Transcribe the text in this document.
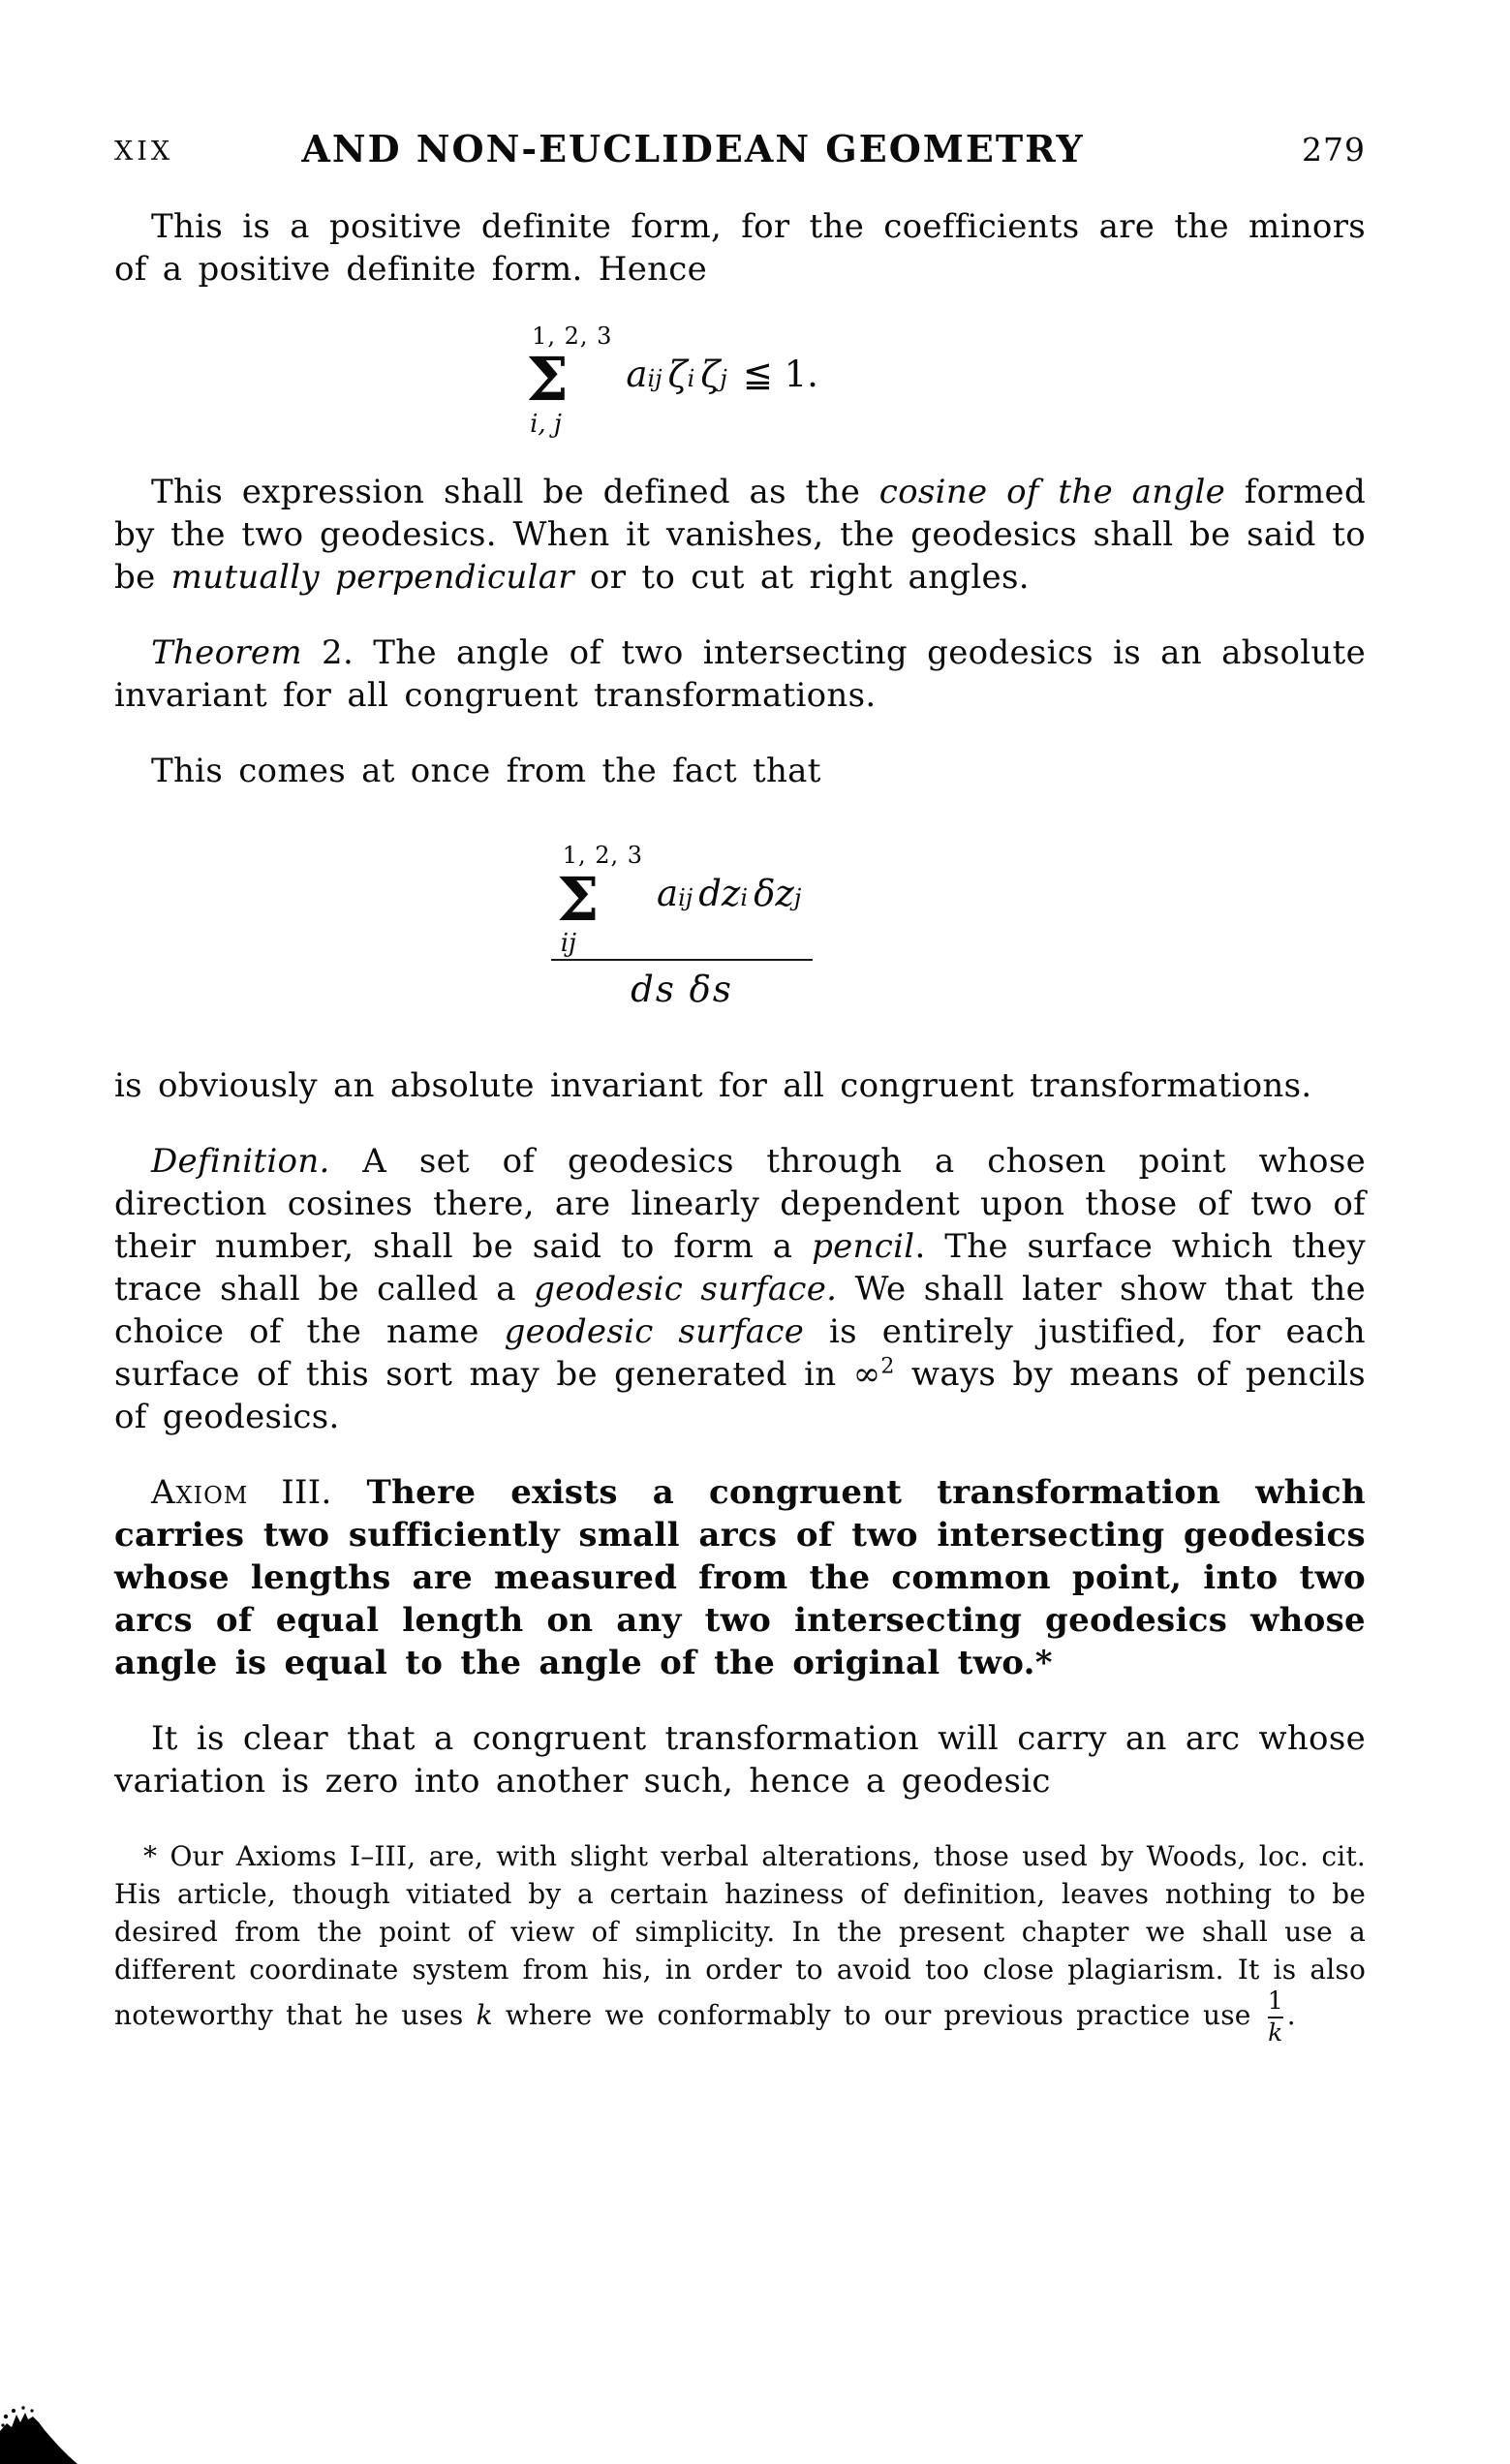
XIX	AND NON-EUCLIDEAN GEOMETRY	279

This is a positive definite form, for the coefficients are the minors of a positive definite form. Hence

1, 2, 3
Σ
i, j
a ij ζ i ζ j ≦ 1.

This expression shall be defined as the cosine of the angle formed by the two geodesics. When it vanishes, the geodesics shall be said to be mutually perpendicular or to cut at right angles.

Theorem 2. The angle of two intersecting geodesics is an absolute invariant for all congruent transformations.

This comes at once from the fact that

1, 2, 3
Σ
ij
a ij dz i δz j
ds δs

is obviously an absolute invariant for all congruent transformations.

Definition. A set of geodesics through a chosen point whose direction cosines there, are linearly dependent upon those of two of their number, shall be said to form a pencil. The surface which they trace shall be called a geodesic surface. We shall later show that the choice of the name geodesic surface is entirely justified, for each surface of this sort may be generated in ∞$^2$ ways by means of pencils of geodesics.

Axiom III. There exists a congruent transformation which carries two sufficiently small arcs of two intersecting geodesics whose lengths are measured from the common point, into two arcs of equal length on any two intersecting geodesics whose angle is equal to the angle of the original two.*

It is clear that a congruent transformation will carry an arc whose variation is zero into another such, hence a geodesic

* Our Axioms I–III, are, with slight verbal alterations, those used by Woods, loc. cit. His article, though vitiated by a certain haziness of definition, leaves nothing to be desired from the point of view of simplicity. In the present chapter we shall use a different coordinate system from his, in order to avoid too close plagiarism. It is also noteworthy that he uses k where we conformably to our previous practice use $\frac{1}{k}$ .
